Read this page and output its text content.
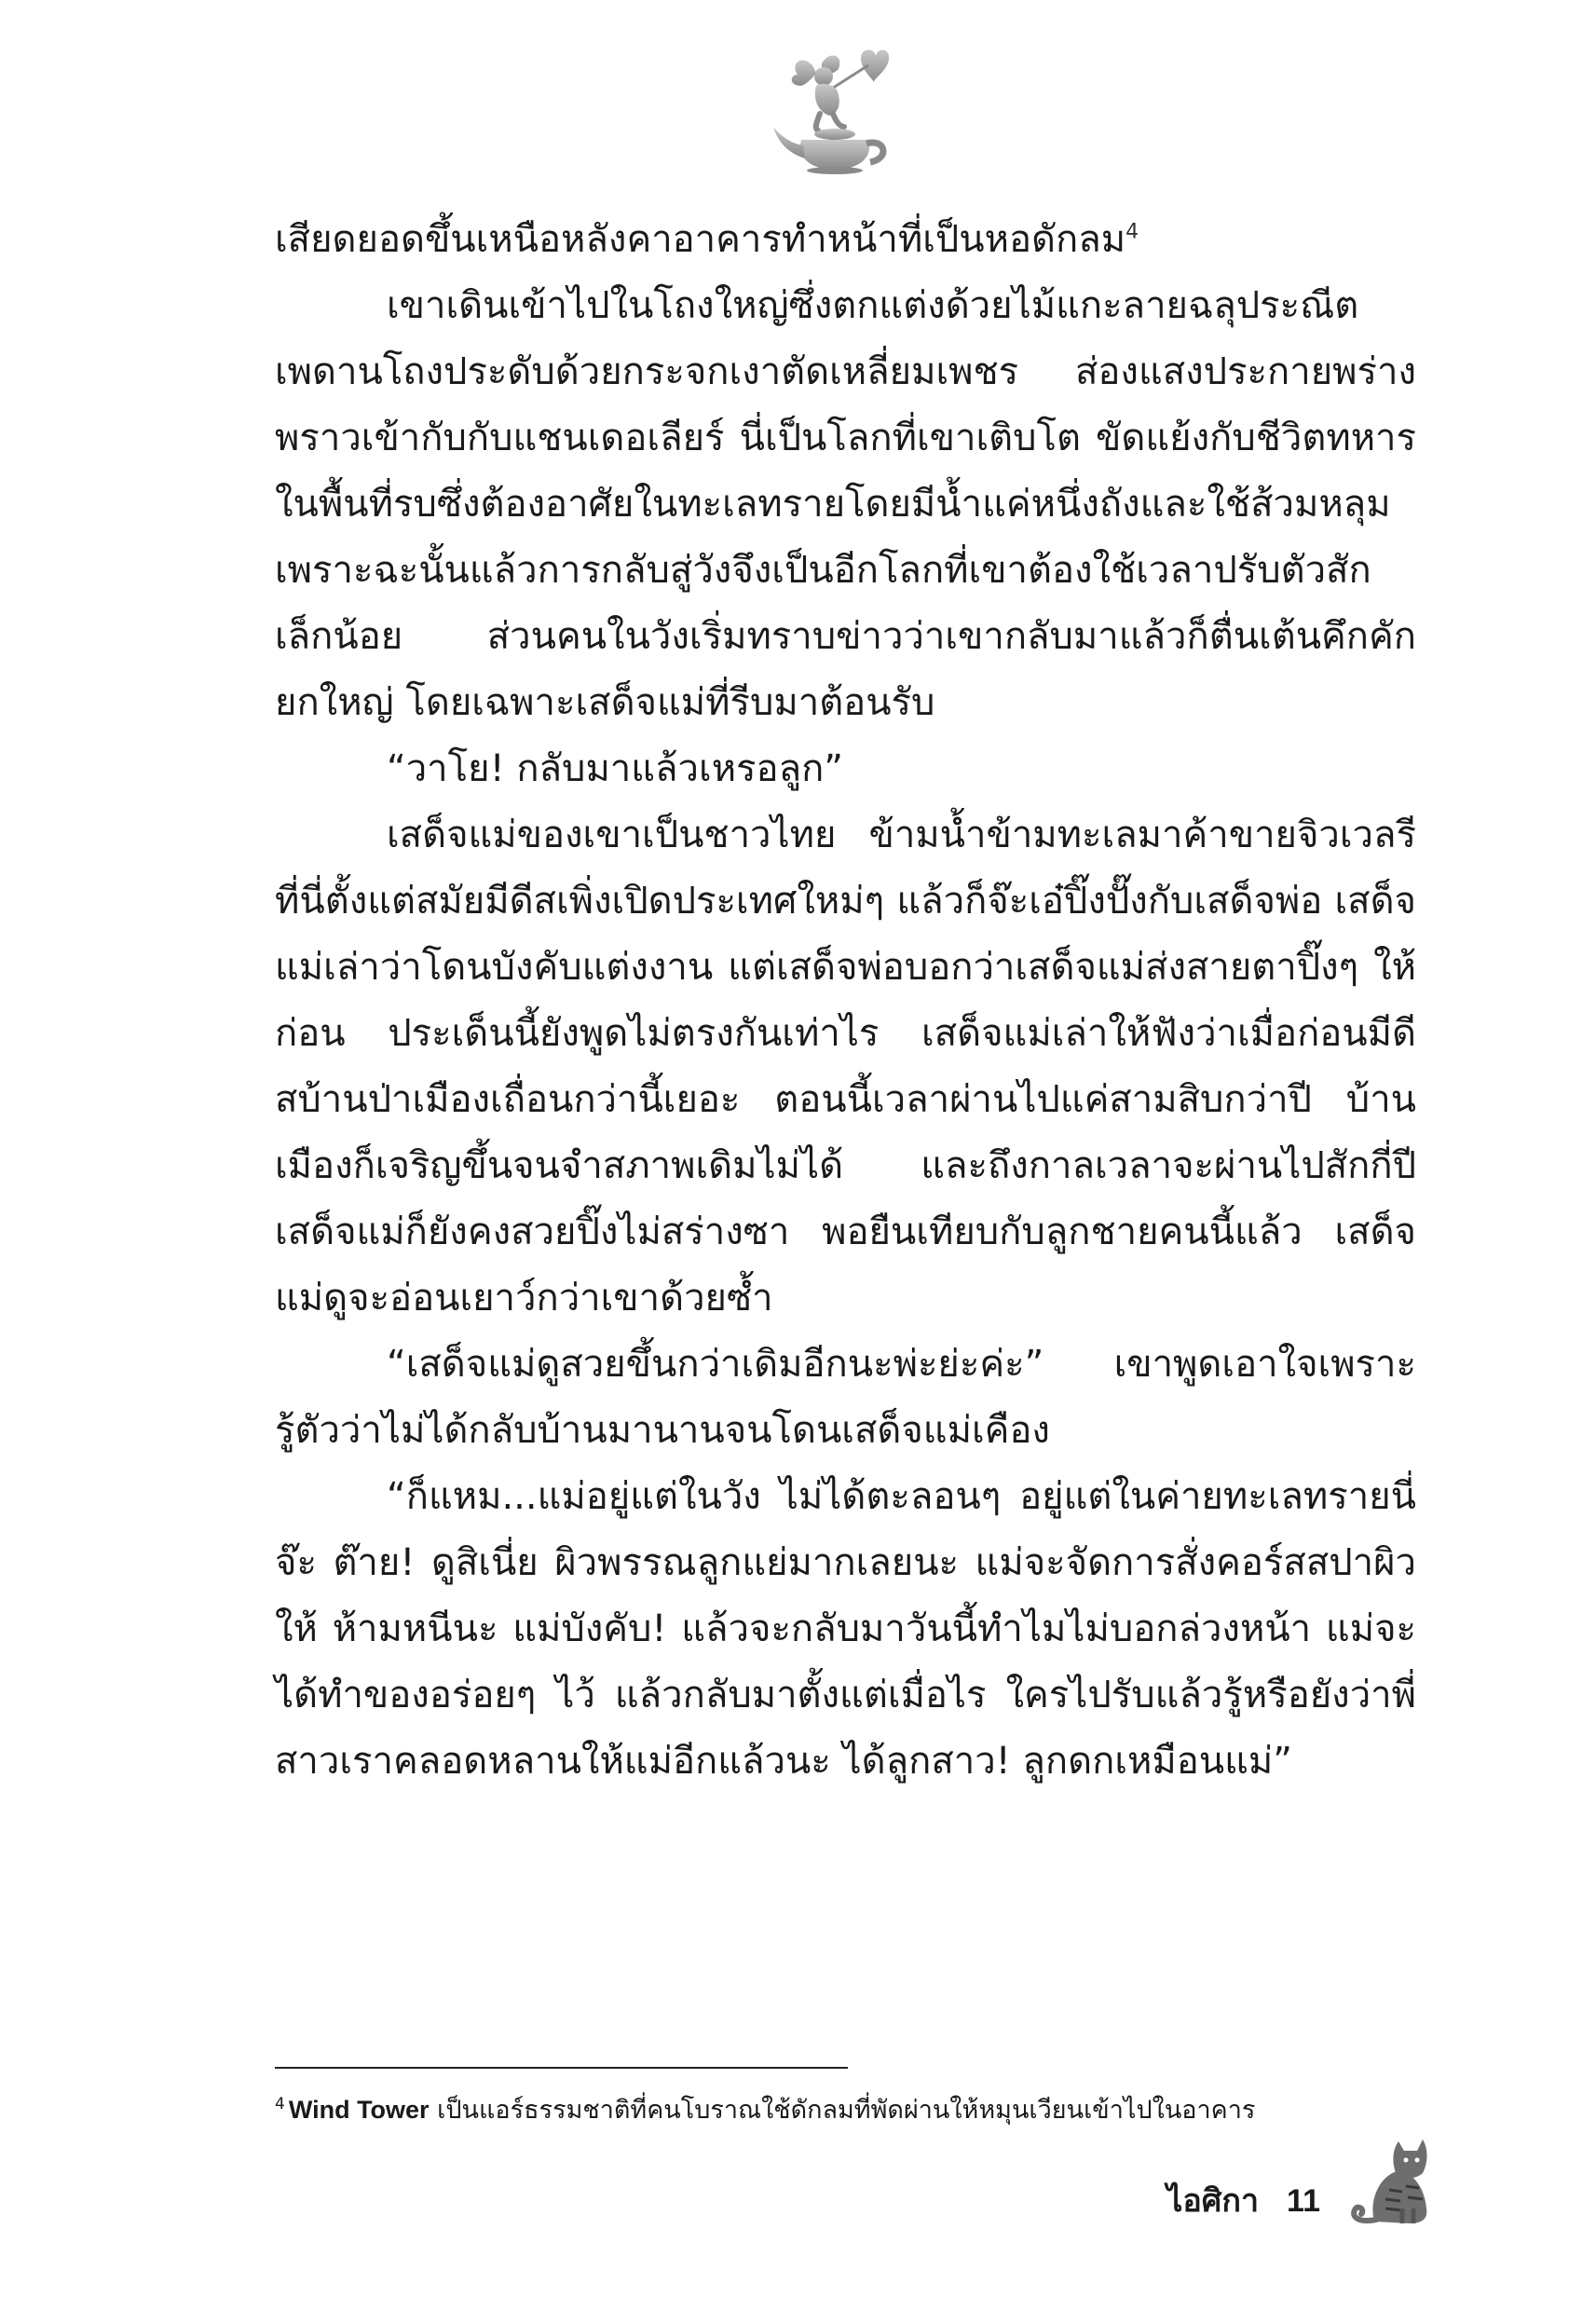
เสียดยอดขึ้นเหนือหลังคาอาคารทำหน้าที่เป็นหอดักลม$^4$

เขาเดินเข้าไปในโถงใหญ่ซึ่งตกแต่งด้วยไม้แกะลายฉลุประณีต เพดานโถงประดับด้วยกระจกเงาตัดเหลี่ยมเพชร ส่องแสงประกายพร่างพราวเข้ากับกับแชนเดอเลียร์ นี่เป็นโลกที่เขาเติบโต ขัดแย้งกับชีวิตทหารในพื้นที่รบซึ่งต้องอาศัยในทะเลทรายโดยมีน้ำแค่หนึ่งถังและใช้ส้วมหลุม เพราะฉะนั้นแล้วการกลับสู่วังจึงเป็นอีกโลกที่เขาต้องใช้เวลาปรับตัวสักเล็กน้อย ส่วนคนในวังเริ่มทราบข่าวว่าเขากลับมาแล้วก็ตื่นเต้นคึกคักยกใหญ่ โดยเฉพาะเสด็จแม่ที่รีบมาต้อนรับ

“วาโย! กลับมาแล้วเหรอลูก”

เสด็จแม่ของเขาเป็นชาวไทย ข้ามน้ำข้ามทะเลมาค้าขายจิวเวลรีที่นี่ตั้งแต่สมัยมีดีสเพิ่งเปิดประเทศใหม่ๆ แล้วก็จ๊ะเอ๋ปิ๊งปั๊งกับเสด็จพ่อ เสด็จแม่เล่าว่าโดนบังคับแต่งงาน แต่เสด็จพ่อบอกว่าเสด็จแม่ส่งสายตาปิ๊งๆ ให้ก่อน ประเด็นนี้ยังพูดไม่ตรงกันเท่าไร เสด็จแม่เล่าให้ฟังว่าเมื่อก่อนมีดีสบ้านป่าเมืองเถื่อนกว่านี้เยอะ ตอนนี้เวลาผ่านไปแค่สามสิบกว่าปี บ้านเมืองก็เจริญขึ้นจนจำสภาพเดิมไม่ได้ และถึงกาลเวลาจะผ่านไปสักกี่ปี เสด็จแม่ก็ยังคงสวยปิ๊งไม่สร่างซา พอยืนเทียบกับลูกชายคนนี้แล้ว เสด็จแม่ดูจะอ่อนเยาว์กว่าเขาด้วยซ้ำ

“เสด็จแม่ดูสวยขึ้นกว่าเดิมอีกนะพ่ะย่ะค่ะ” เขาพูดเอาใจเพราะรู้ตัวว่าไม่ได้กลับบ้านมานานจนโดนเสด็จแม่เคือง

“ก็แหม...แม่อยู่แต่ในวัง ไม่ได้ตะลอนๆ อยู่แต่ในค่ายทะเลทรายนี่จ๊ะ ต๊าย! ดูสิเนี่ย ผิวพรรณลูกแย่มากเลยนะ แม่จะจัดการสั่งคอร์สสปาผิวให้ ห้ามหนีนะ แม่บังคับ! แล้วจะกลับมาวันนี้ทำไมไม่บอกล่วงหน้า แม่จะได้ทำของอร่อยๆ ไว้ แล้วกลับมาตั้งแต่เมื่อไร ใครไปรับแล้วรู้หรือยังว่าพี่สาวเราคลอดหลานให้แม่อีกแล้วนะ ได้ลูกสาว! ลูกดกเหมือนแม่”

$^4$ Wind Tower เป็นแอร์ธรรมชาติที่คนโบราณใช้ดักลมที่พัดผ่านให้หมุนเวียนเข้าไปในอาคาร
ไอศิกา 11
